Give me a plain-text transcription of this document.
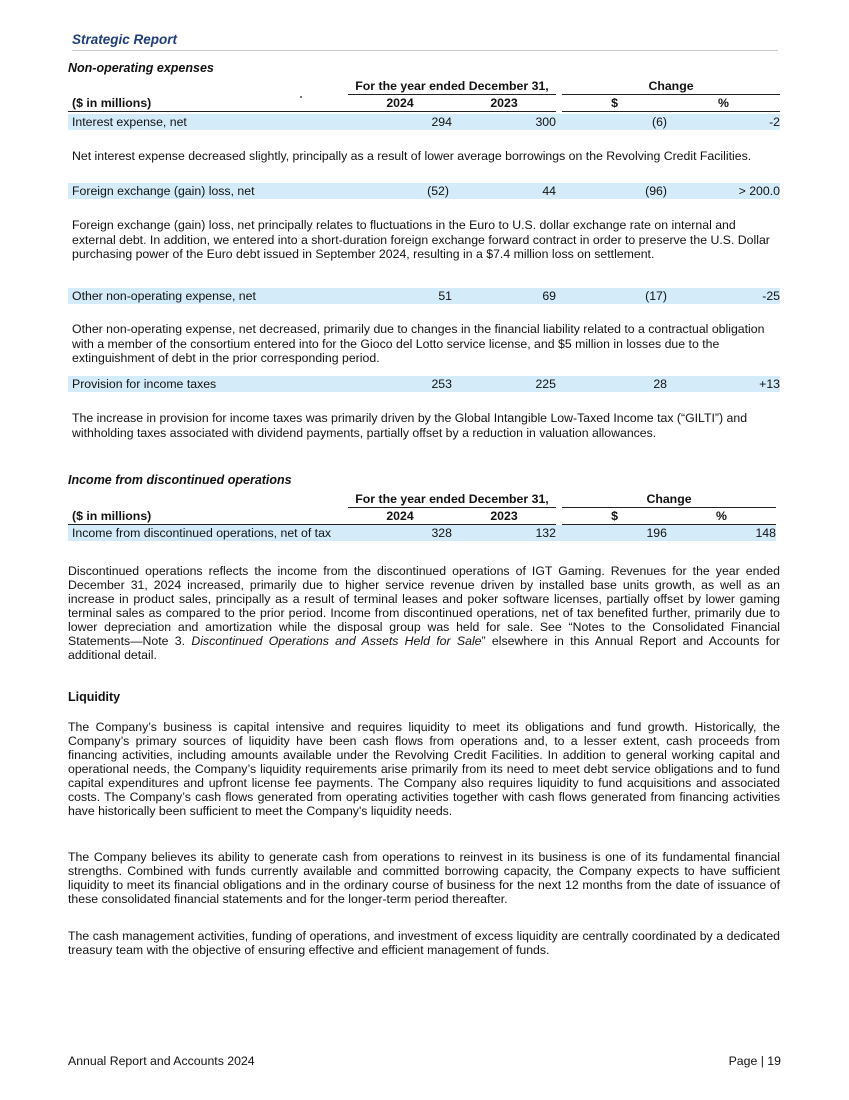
Strategic Report
Non-operating expenses
	For the year ended December 31,			Change	
($ in millions)	2024	2023		$	%
Interest expense, net	294	300		(6)	-2
Net interest expense decreased slightly, principally as a result of lower average borrowings on the Revolving Credit Facilities.
Foreign exchange (gain) loss, net	(52)	44		(96)	> 200.0
Foreign exchange (gain) loss, net principally relates to fluctuations in the Euro to U.S. dollar exchange rate on internal and external debt. In addition, we entered into a short-duration foreign exchange forward contract in order to preserve the U.S. Dollar purchasing power of the Euro debt issued in September 2024, resulting in a $7.4 million loss on settlement.
Other non-operating expense, net	51	69		(17)	-25
Other non-operating expense, net decreased, primarily due to changes in the financial liability related to a contractual obligation with a member of the consortium entered into for the Gioco del Lotto service license, and $5 million in losses due to the extinguishment of debt in the prior corresponding period.
Provision for income taxes	253	225		28	+13
The increase in provision for income taxes was primarily driven by the Global Intangible Low-Taxed Income tax (“GILTI”) and withholding taxes associated with dividend payments, partially offset by a reduction in valuation allowances.
Income from discontinued operations
	For the year ended December 31,			Change	
($ in millions)	2024	2023		$	%
Income from discontinued operations, net of tax	328	132		196	148
Discontinued operations reflects the income from the discontinued operations of IGT Gaming. Revenues for the year ended December 31, 2024 increased, primarily due to higher service revenue driven by installed base units growth, as well as an increase in product sales, principally as a result of terminal leases and poker software licenses, partially offset by lower gaming terminal sales as compared to the prior period. Income from discontinued operations, net of tax benefited further, primarily due to lower depreciation and amortization while the disposal group was held for sale. See “Notes to the Consolidated Financial Statements—Note 3. Discontinued Operations and Assets Held for Sale” elsewhere in this Annual Report and Accounts for additional detail.
Liquidity
The Company’s business is capital intensive and requires liquidity to meet its obligations and fund growth. Historically, the Company’s primary sources of liquidity have been cash flows from operations and, to a lesser extent, cash proceeds from financing activities, including amounts available under the Revolving Credit Facilities. In addition to general working capital and operational needs, the Company’s liquidity requirements arise primarily from its need to meet debt service obligations and to fund capital expenditures and upfront license fee payments. The Company also requires liquidity to fund acquisitions and associated costs. The Company’s cash flows generated from operating activities together with cash flows generated from financing activities have historically been sufficient to meet the Company's liquidity needs.
The Company believes its ability to generate cash from operations to reinvest in its business is one of its fundamental financial strengths. Combined with funds currently available and committed borrowing capacity, the Company expects to have sufficient liquidity to meet its financial obligations and in the ordinary course of business for the next 12 months from the date of issuance of these consolidated financial statements and for the longer-term period thereafter.
The cash management activities, funding of operations, and investment of excess liquidity are centrally coordinated by a dedicated treasury team with the objective of ensuring effective and efficient management of funds.
Annual Report and Accounts 2024	Page | 19
